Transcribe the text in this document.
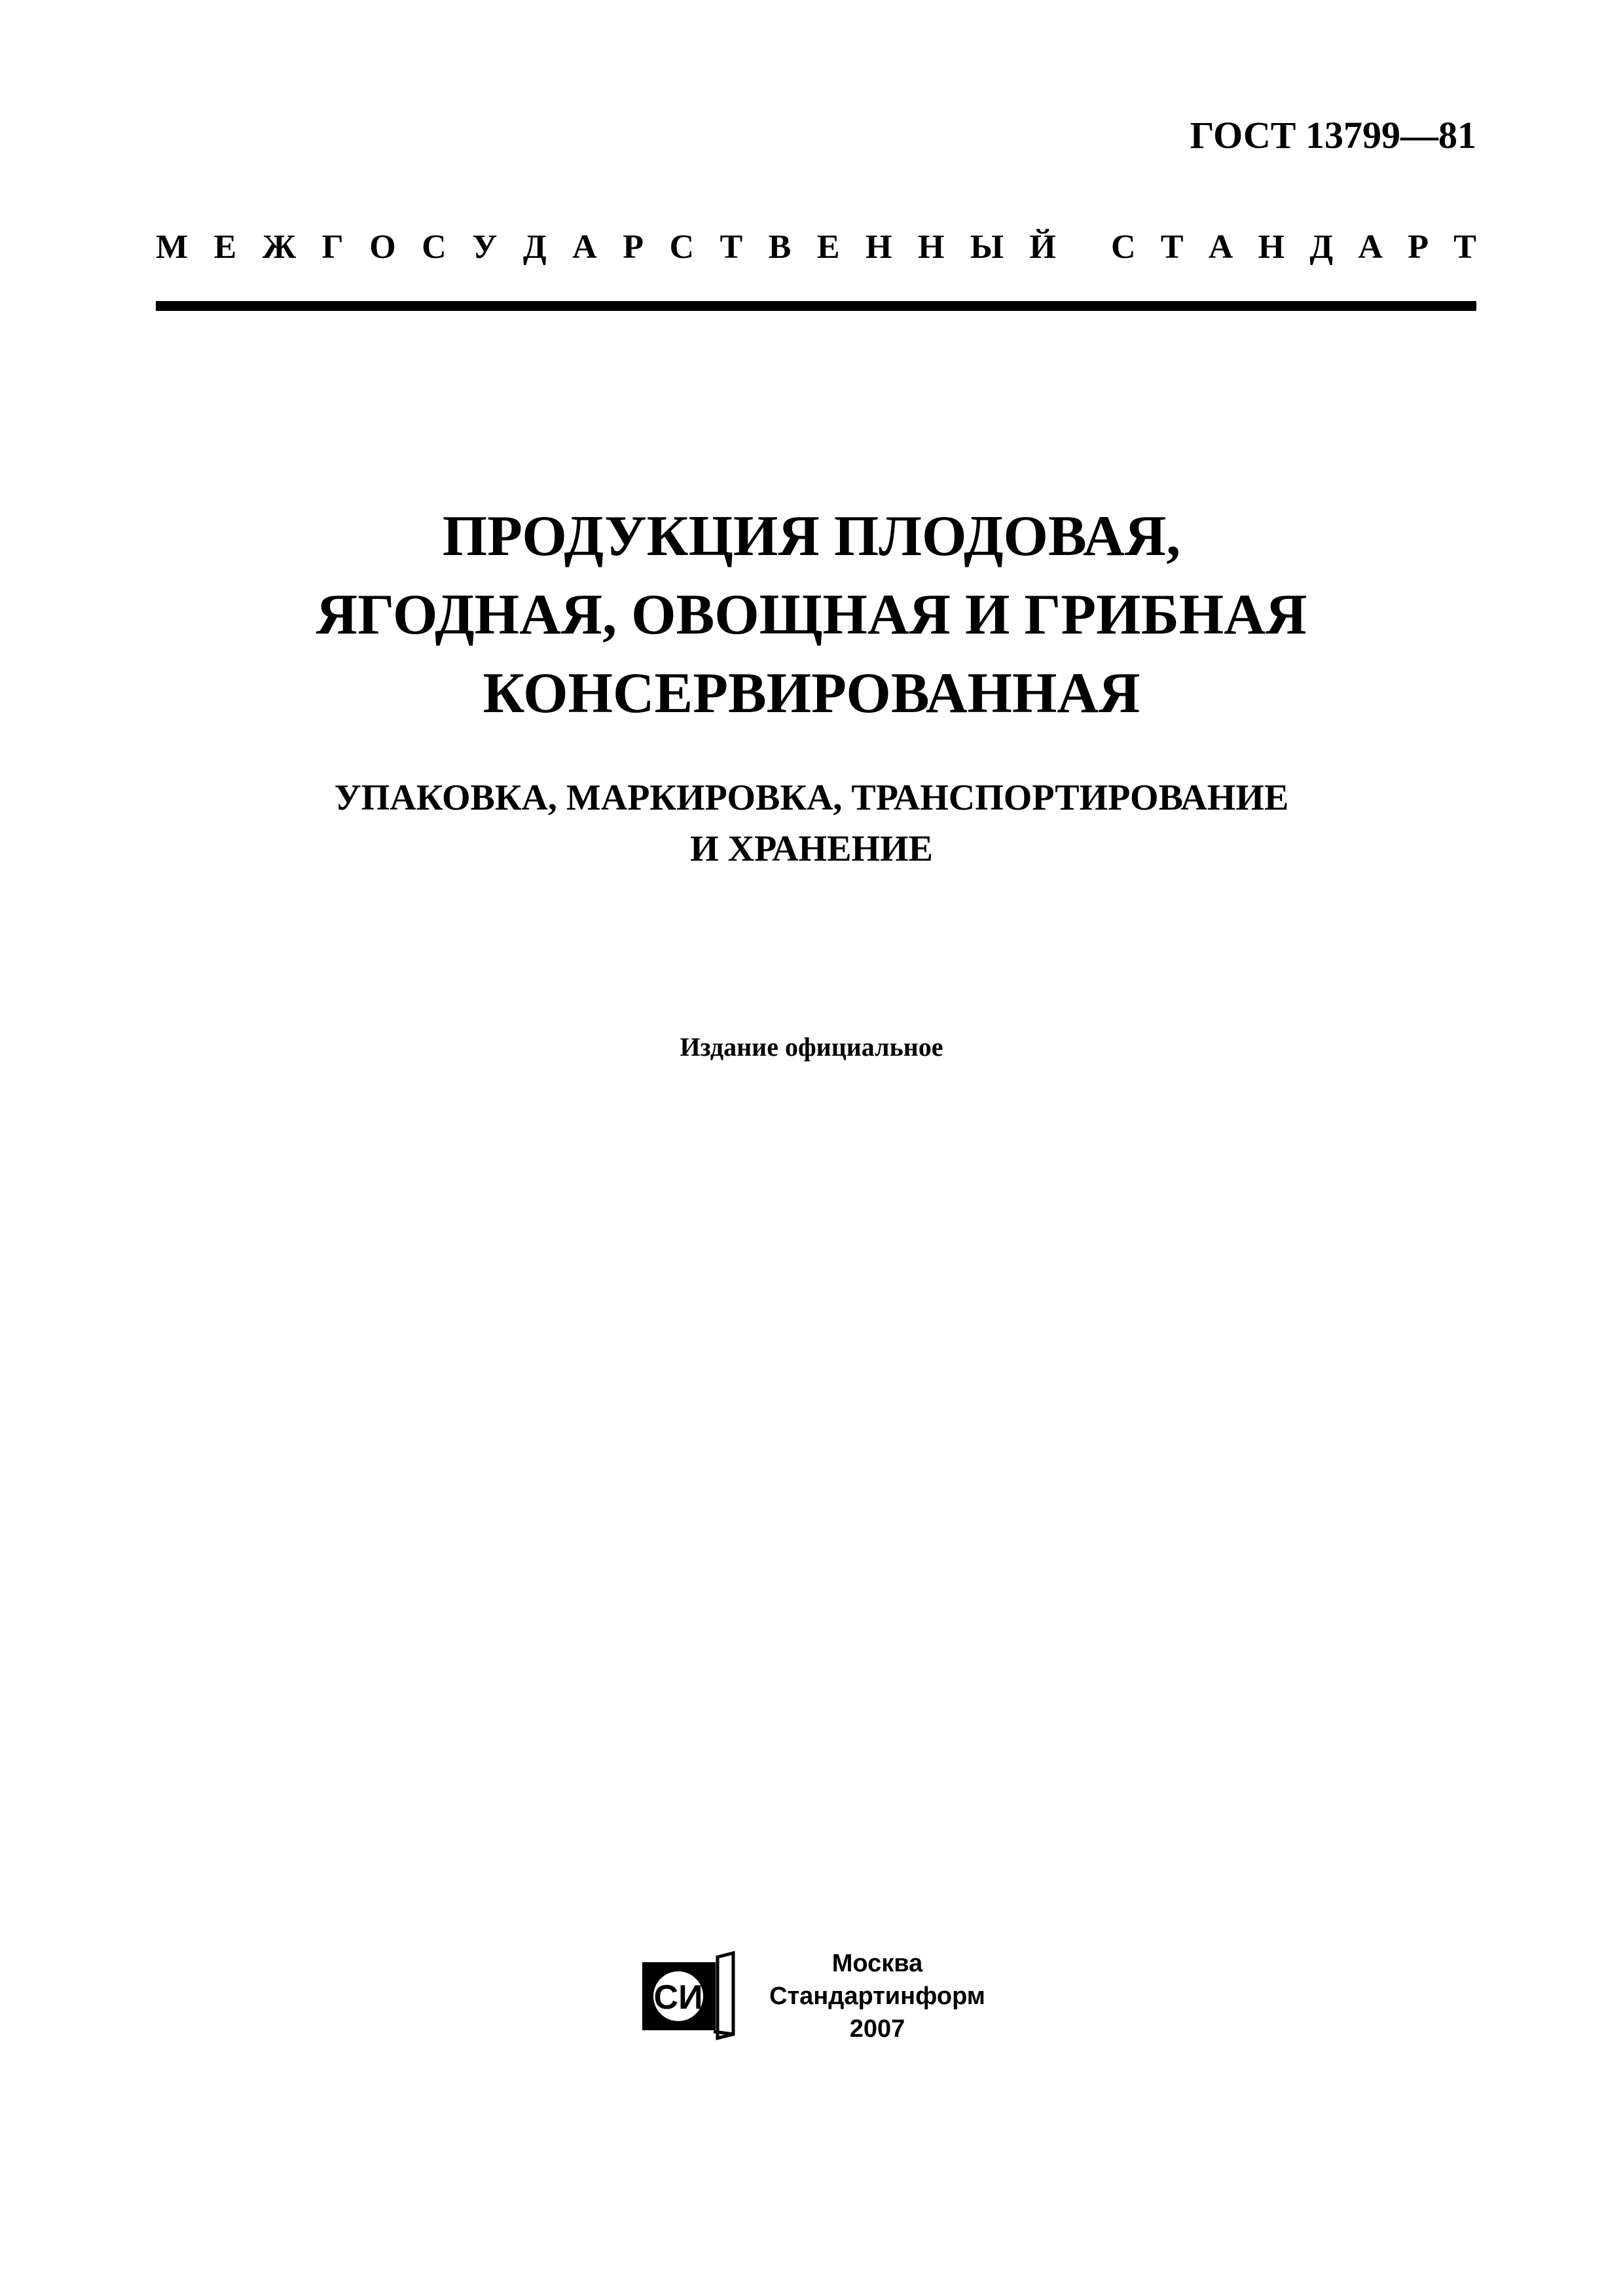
ГОСТ 13799—81
М Е Ж Г О С У Д А Р С Т В Е Н Н Ы Й С Т А Н Д А Р Т
ПРОДУКЦИЯ ПЛОДОВАЯ,
ЯГОДНАЯ, ОВОЩНАЯ И ГРИБНАЯ
КОНСЕРВИРОВАННАЯ
УПАКОВКА, МАРКИРОВКА, ТРАНСПОРТИРОВАНИЕ
И ХРАНЕНИЕ
Издание официальное
СИ
Москва
Стандартинформ
2007
